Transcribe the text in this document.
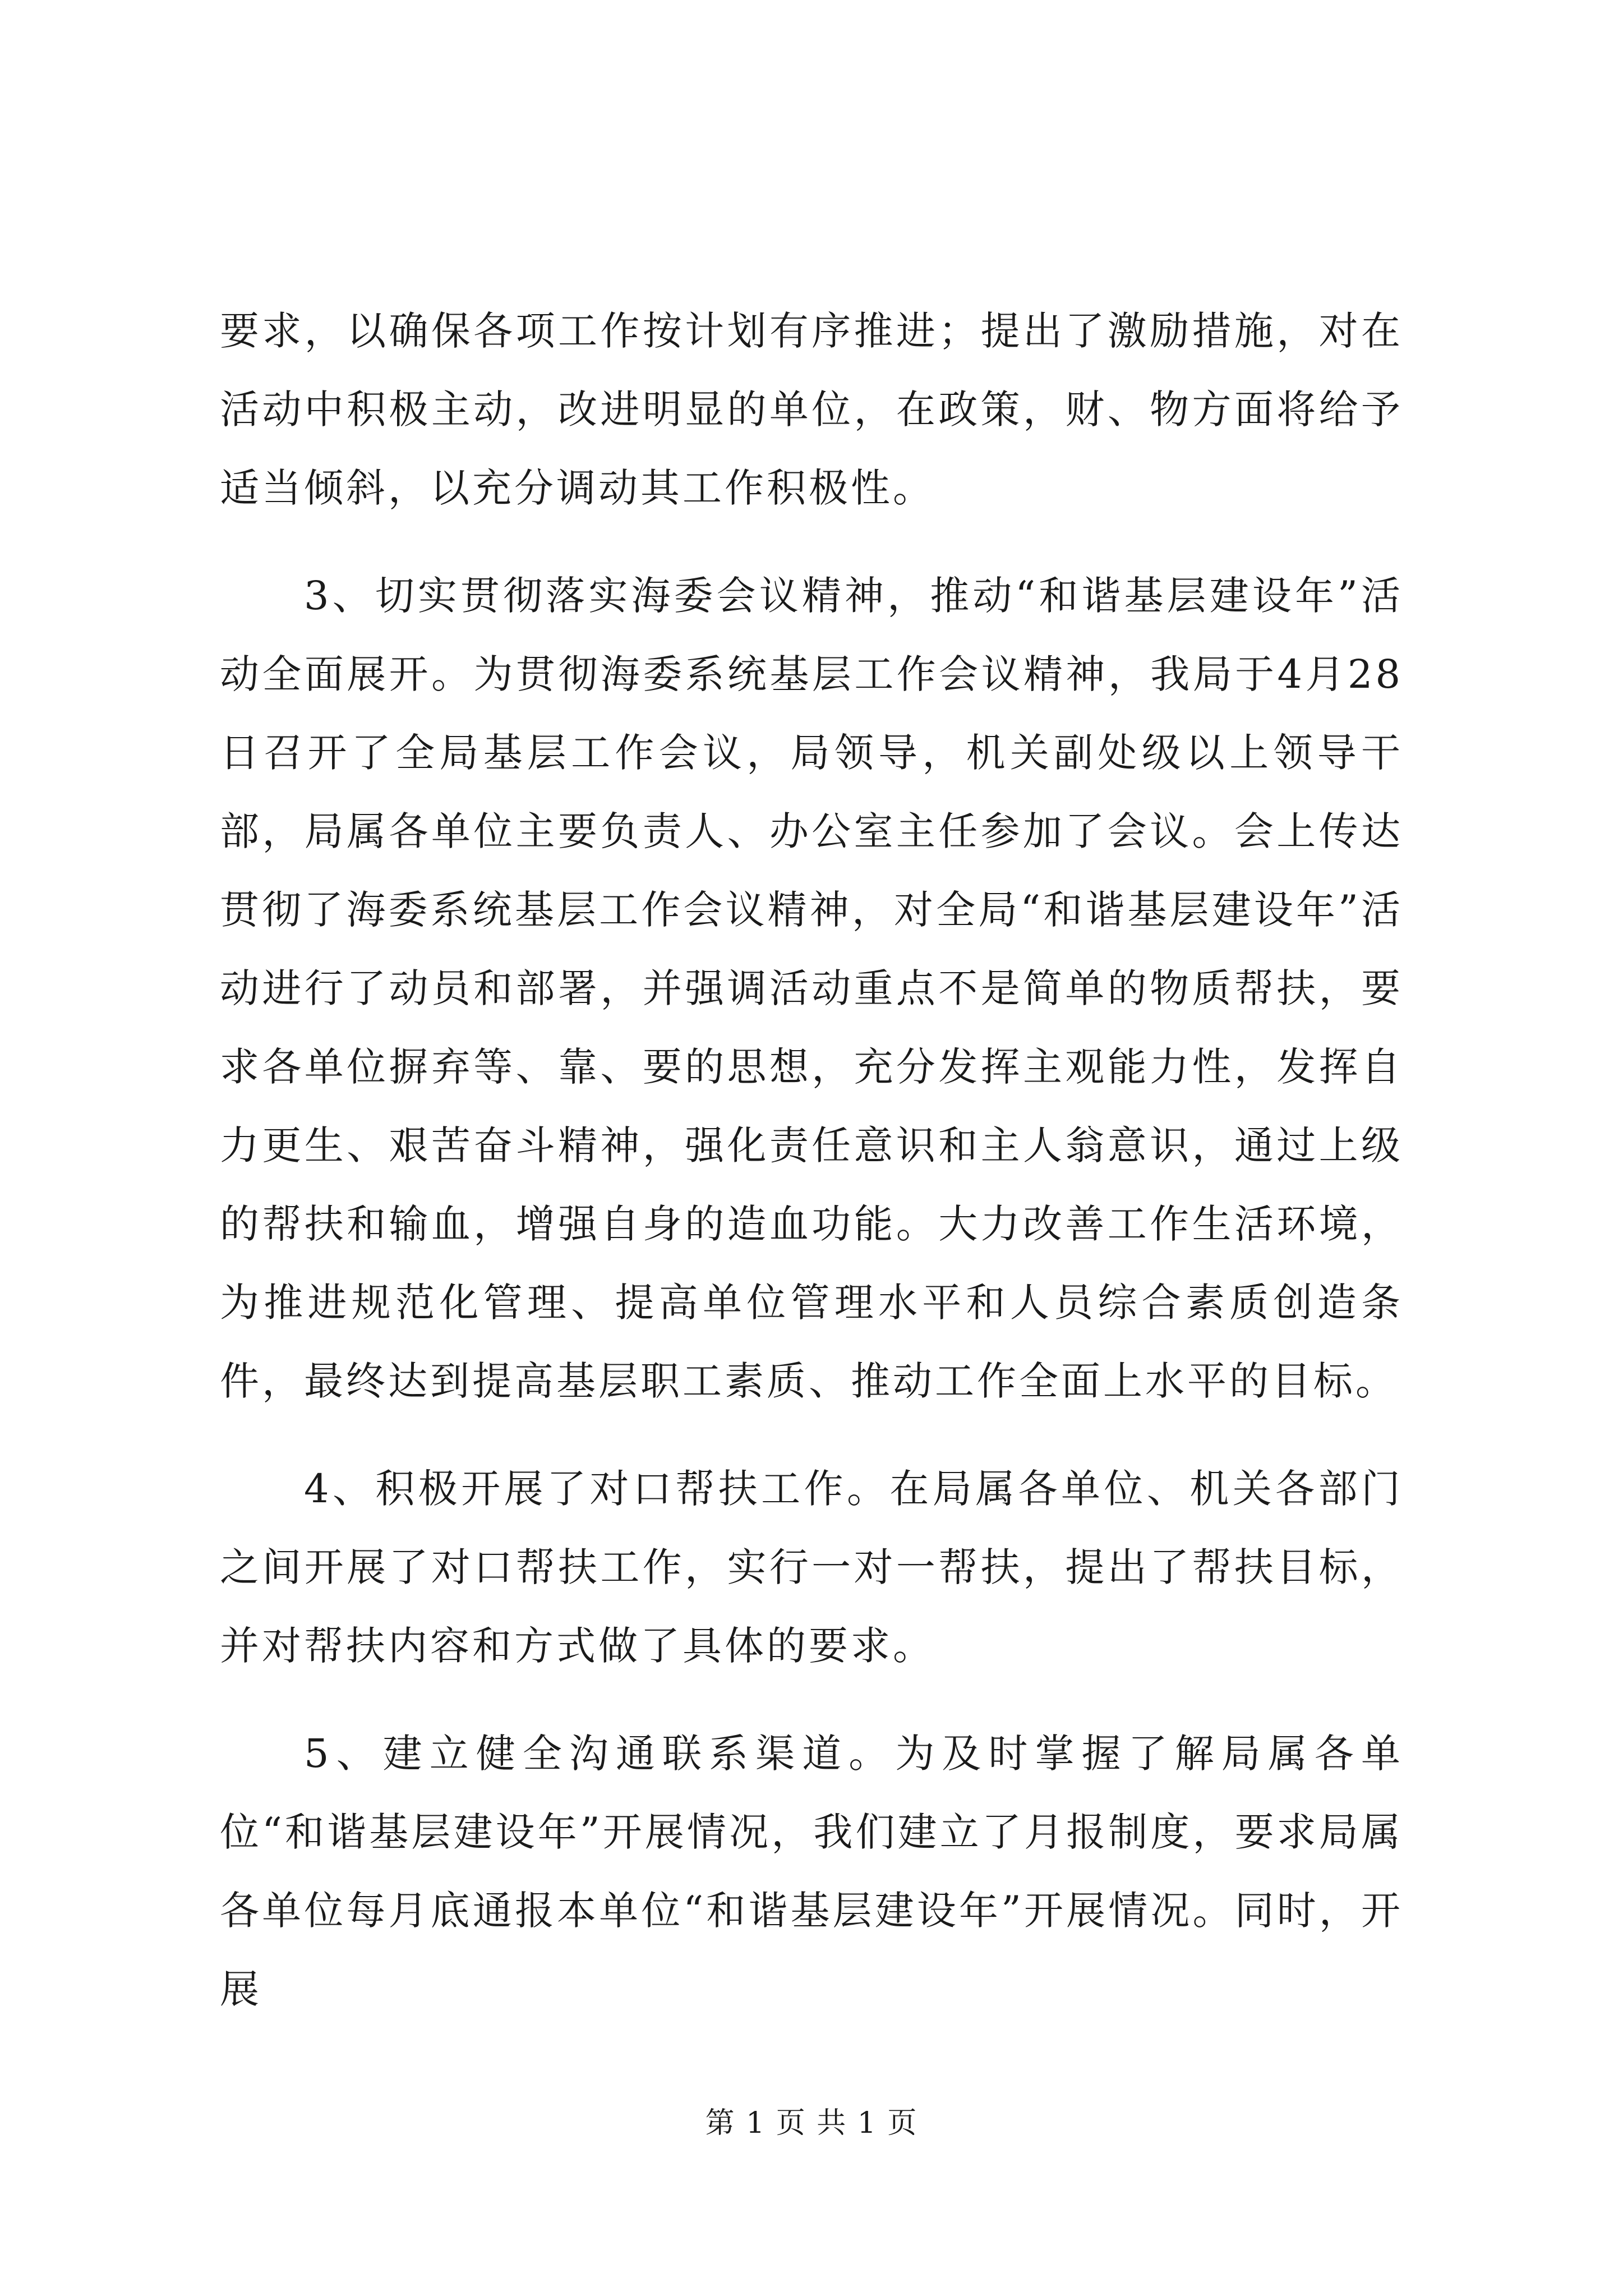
要求，以确保各项工作按计划有序推进；提出了激励措施，对在活动中积极主动，改进明显的单位，在政策，财、物方面将给予适当倾斜，以充分调动其工作积极性。

3、切实贯彻落实海委会议精神，推动“和谐基层建设年”活动全面展开。为贯彻海委系统基层工作会议精神，我局于4月28日召开了全局基层工作会议，局领导，机关副处级以上领导干部，局属各单位主要负责人、办公室主任参加了会议。会上传达贯彻了海委系统基层工作会议精神，对全局“和谐基层建设年”活动进行了动员和部署，并强调活动重点不是简单的物质帮扶，要求各单位摒弃等、靠、要的思想，充分发挥主观能力性，发挥自力更生、艰苦奋斗精神，强化责任意识和主人翁意识，通过上级的帮扶和输血，增强自身的造血功能。大力改善工作生活环境，为推进规范化管理、提高单位管理水平和人员综合素质创造条件，最终达到提高基层职工素质、推动工作全面上水平的目标。

4、积极开展了对口帮扶工作。在局属各单位、机关各部门之间开展了对口帮扶工作，实行一对一帮扶，提出了帮扶目标，并对帮扶内容和方式做了具体的要求。

5、建立健全沟通联系渠道。为及时掌握了解局属各单位“和谐基层建设年”开展情况，我们建立了月报制度，要求局属各单位每月底通报本单位“和谐基层建设年”开展情况。同时，开展

第 1 页 共 1 页
